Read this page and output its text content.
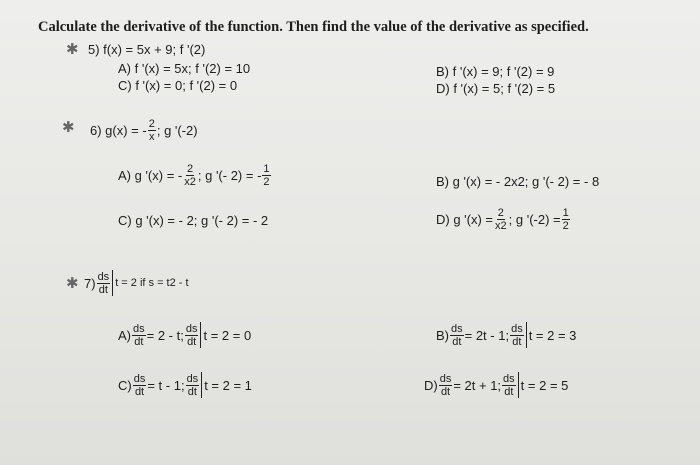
Calculate the derivative of the function. Then find the value of the derivative as specified.
✱ 5) f(x) = 5x + 9; f '(2)
A) f '(x) = 5x; f '(2) = 10	B) f '(x) = 9; f '(2) = 9
C) f '(x) = 0; f '(2) = 0	D) f '(x) = 5; f '(2) = 5
✱ 6) g(x) = - $\frac{2}{x}$ ; g '(-2)
A) g '(x) = - $\frac{2}{x2}$ ; g '(- 2) = - $\frac{1}{2}$	B) g '(x) = - 2x2; g '(- 2) = - 8
C) g '(x) = - 2; g '(- 2) = - 2	D) g '$(x) = \frac{2}{x2}$ ; g '$(-2) = \frac{1}{2}$
✱ $7) \frac{ds}{dt}$ t = 2 if s = t2 - t
$A) \frac{ds}{dt} = 2 - t$; $\frac{ds}{dt}$ t = 2 = 0	$B) \frac{ds}{dt} = 2t - 1$; $\frac{ds}{dt}$ t = 2 = 3
$C) \frac{ds}{dt} = t - 1$; $\frac{ds}{dt}$ t = 2 = 1	$D) \frac{ds}{dt} = 2t + 1$; $\frac{ds}{dt}$ t = 2 = 5
